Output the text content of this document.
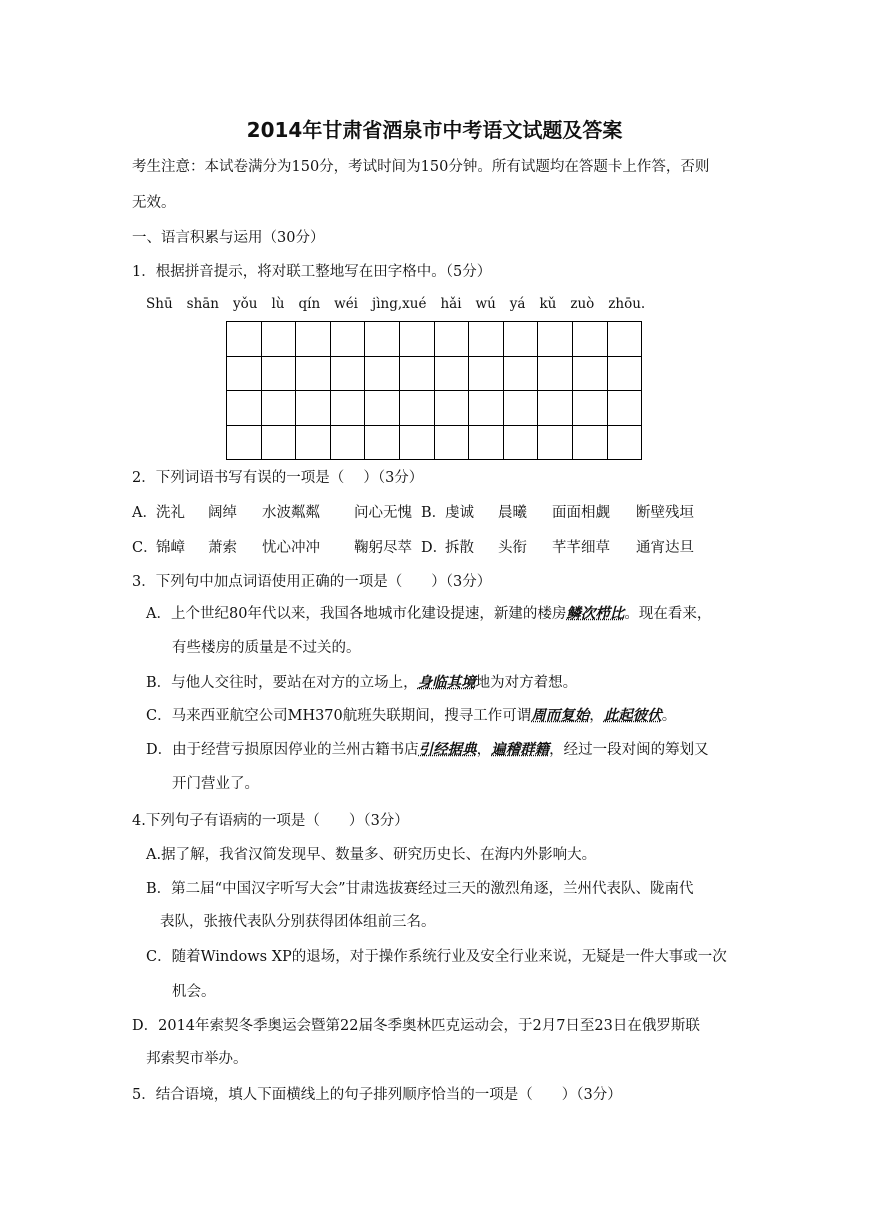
2014年甘肃省酒泉市中考语文试题及答案
考生注意：本试卷满分为150分，考试时间为150分钟。所有试题均在答题卡上作答，否则
无效。
一、语言积累与运用（30分）
1．根据拼音提示，将对联工整地写在田字格中。（5分）
Shū shān yǒu lù qín wéi jìng,xué hǎi wú yá kǔ zuò zhōu.

2．下列词语书写有误的一项是（　 ）（3分）
A． 洗礼 阔绰 水波粼粼 问心无愧 B．
虔诚 晨曦 面面相觑 断壁残垣
C．
锦嶂 萧索 忧心冲冲 鞠躬尽萃 D．
拆散 头衔 芊芊细草 通宵达旦
3．下列句中加点词语使用正确的一项是（　　）（3分）
A．上个世纪80年代以来，我国各地城市化建设提速，新建的楼房鳞次栉比。现在看来，
有些楼房的质量是不过关的。
B．与他人交往时，要站在对方的立场上，身临其境地为对方着想。
C．马来西亚航空公司MH370航班失联期间，搜寻工作可谓周而复始，此起彼伏。
D．由于经营亏损原因停业的兰州古籍书店引经据典，遍稽群籍，经过一段对闽的筹划又
开门营业了。
4.下列句子有语病的一项是（　　）（3分）
A.据了解，我省汉简发现早、数量多、研究历史长、在海内外影响大。
B．第二届“中国汉字听写大会”甘肃选拔赛经过三天的激烈角逐，兰州代表队、陇南代
表队，张掖代表队分别获得团体组前三名。
C．随着Windows XP的退场，对于操作系统行业及安全行业来说，无疑是一件大事或一次
机会。
D．2014年索契冬季奥运会暨第22届冬季奥林匹克运动会，于2月7日至23日在俄罗斯联
邦索契市举办。
5．结合语境，填人下面横线上的句子排列顺序恰当的一项是（　　）（3分）
